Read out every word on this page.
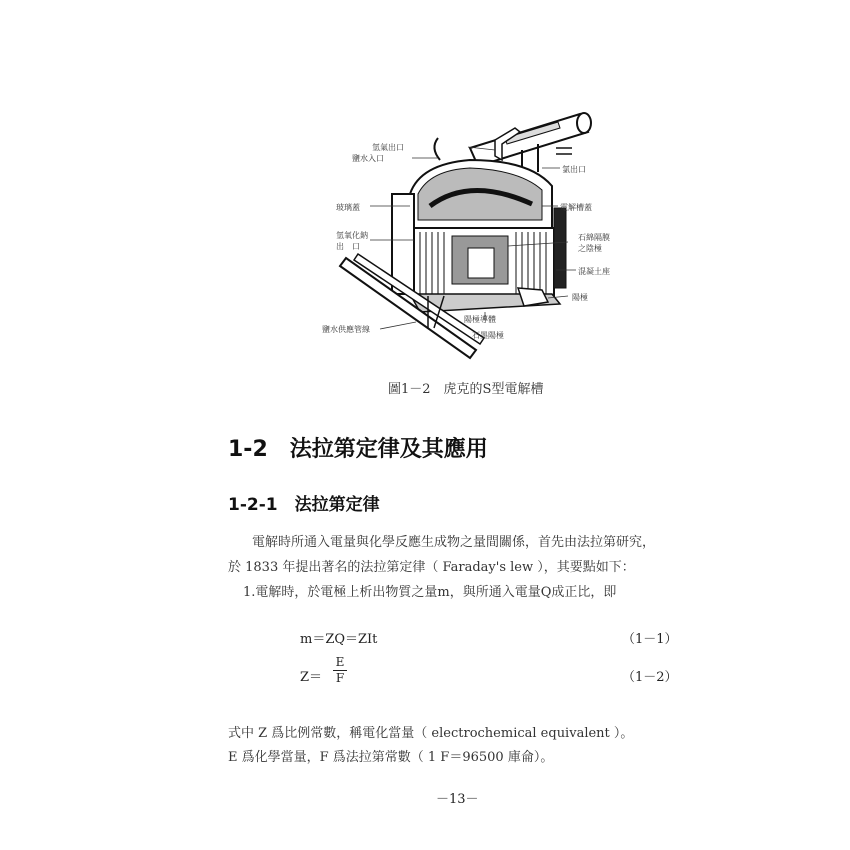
氫氣出口
鹽水入口
氯出口
玻璃蓋	電解槽蓋
氫氧化鈉
出　口
石綿隔膜
之陰極
混凝土座
陽極
陽極導體
石墨陽極
鹽水供應管線
圖1－2　虎克的S型電解槽
1-2　法拉第定律及其應用
1-2-1　法拉第定律
電解時所通入電量與化學反應生成物之量間關係，首先由法拉第研究，
於 1833 年提出著名的法拉第定律（ Faraday's lew ），其要點如下：
1.電解時，於電極上析出物質之量m，與所通入電量Q成正比，即
m＝ZQ＝ZIt	（1－1）
$Z= \frac{E}{F}$	（1－2）
式中 Z 爲比例常數，稱電化當量（ electrochemical equivalent ）。
E 爲化學當量，F 爲法拉第常數（ 1 F＝96500 庫侖）。
－13－
